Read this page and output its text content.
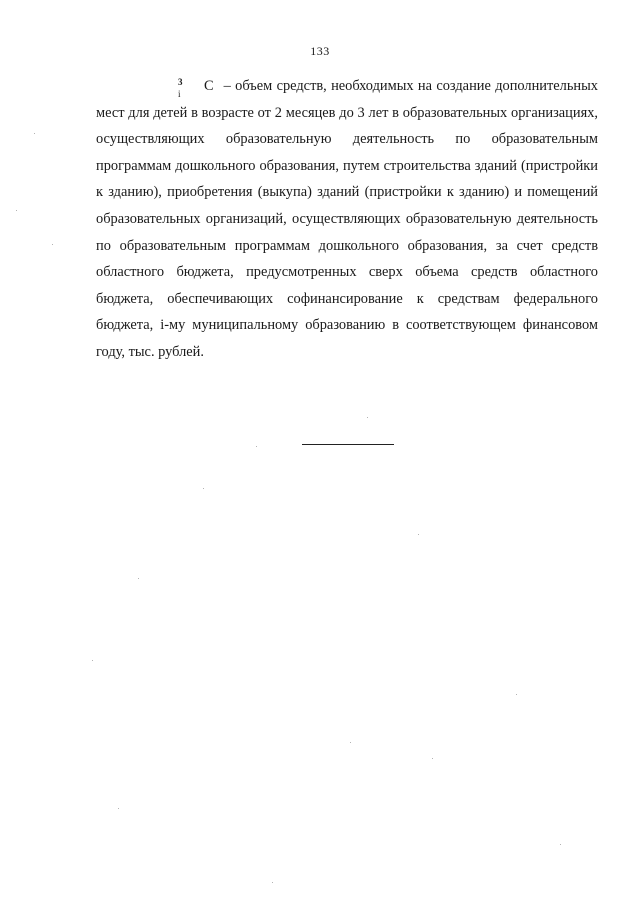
133

C
3
i	– объем средств, необходимых на создание дополнительных мест для детей в возрасте от 2 месяцев до 3 лет в образовательных организациях, осуществляющих образовательную деятельность по образовательным программам дошкольного образования, путем строительства зданий (пристройки к зданию), приобретения (выкупа) зданий (пристройки к зданию) и помещений образовательных организаций, осуществляющих образовательную деятельность по образовательным программам дошкольного образования, за счет средств областного бюджета, предусмотренных сверх объема средств областного бюджета, обеспечивающих софинансирование к средствам федерального бюджета, i-му муниципальному образованию в соответствующем финансовом году, тыс. рублей.
